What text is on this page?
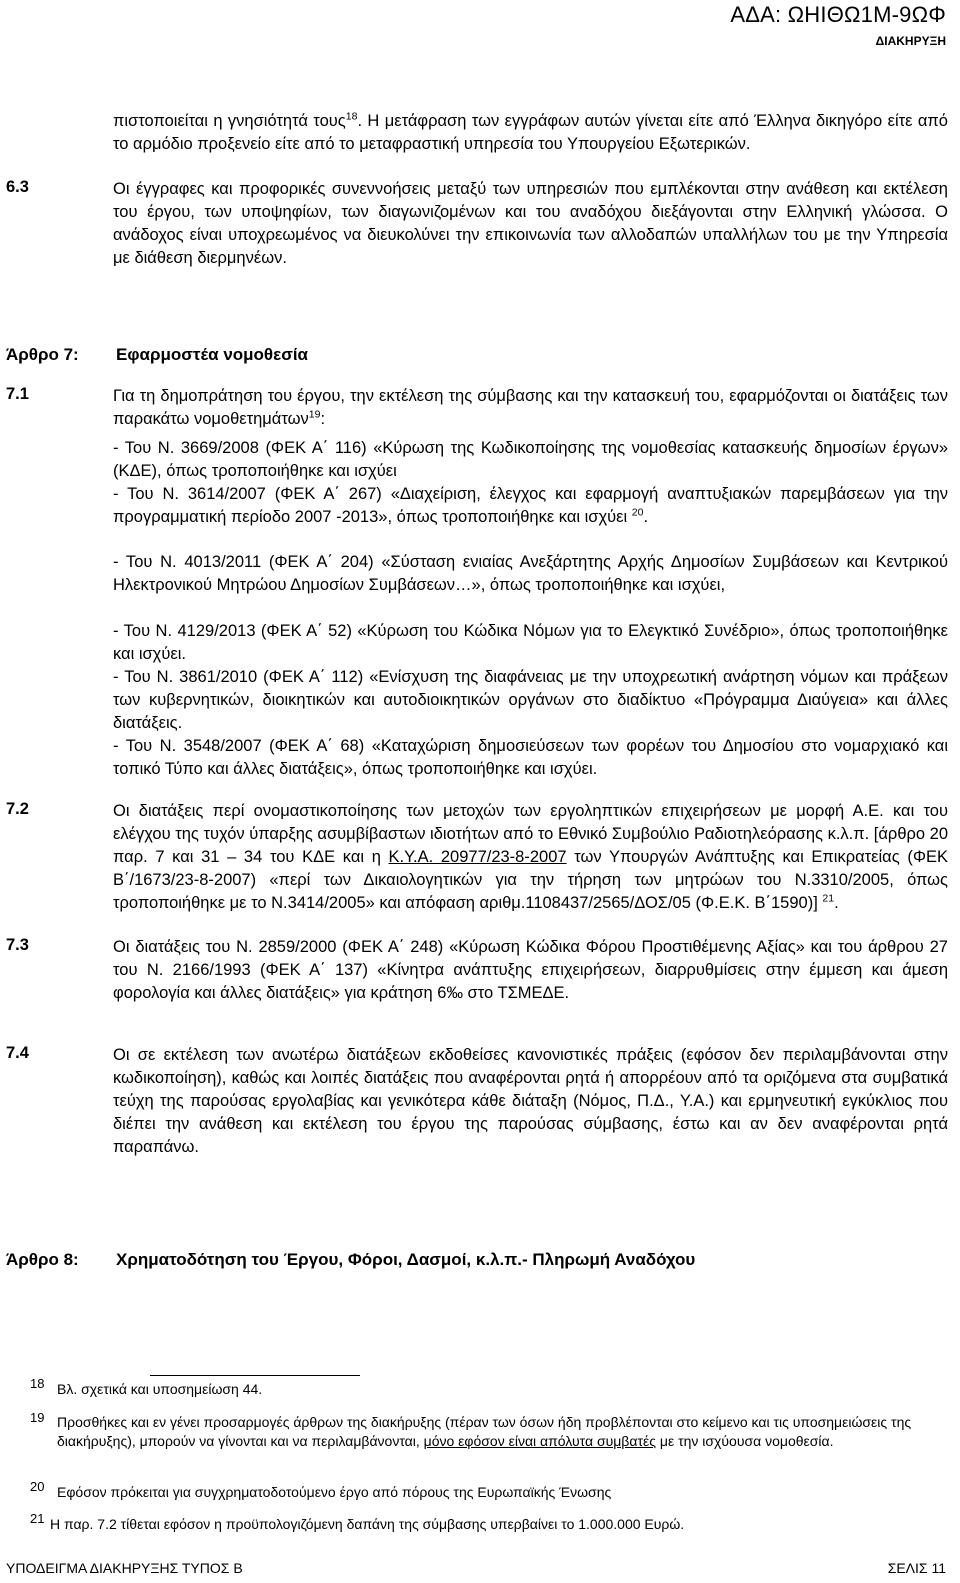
ΑΔΑ: ΩΗΙΘΩ1Μ-9ΩΦ
ΔΙΑΚΗΡΥΞΗ

πιστοποιείται η γνησιότητά τους$^{18}$. Η μετάφραση των εγγράφων αυτών γίνεται είτε από Έλληνα δικηγόρο είτε από το αρμόδιο προξενείο είτε από το μεταφραστική υπηρεσία του Υπουργείου Εξωτερικών.

6.3	Οι έγγραφες και προφορικές συνεννοήσεις μεταξύ των υπηρεσιών που εμπλέκονται στην ανάθεση και εκτέλεση του έργου, των υποψηφίων, των διαγωνιζομένων και του αναδόχου διεξάγονται στην Ελληνική γλώσσα. Ο ανάδοχος είναι υποχρεωμένος να διευκολύνει την επικοινωνία των αλλοδαπών υπαλλήλων του με την Υπηρεσία με διάθεση διερμηνέων.

Άρθρο 7: Εφαρμοστέα νομοθεσία
7.1	Για τη δημοπράτηση του έργου, την εκτέλεση της σύμβασης και την κατασκευή του, εφαρμόζονται οι διατάξεις των παρακάτω νομοθετημάτων$^{19}$:

- Του Ν. 3669/2008 (ΦΕΚ Α΄ 116) «Κύρωση της Κωδικοποίησης της νομοθεσίας κατασκευής δημοσίων έργων» (ΚΔΕ), όπως τροποποιήθηκε και ισχύει

- Του Ν. 3614/2007 (ΦΕΚ Α΄ 267) «Διαχείριση, έλεγχος και εφαρμογή αναπτυξιακών παρεμβάσεων για την προγραμματική περίοδο 2007 -2013», όπως τροποποιήθηκε και ισχύει $^{20}$.

- Του Ν. 4013/2011 (ΦΕΚ Α΄ 204) «Σύσταση ενιαίας Ανεξάρτητης Αρχής Δημοσίων Συμβάσεων και Κεντρικού Ηλεκτρονικού Μητρώου Δημοσίων Συμβάσεων…», όπως τροποποιήθηκε και ισχύει,

- Του Ν. 4129/2013 (ΦΕΚ Α΄ 52) «Κύρωση του Κώδικα Νόμων για το Ελεγκτικό Συνέδριο», όπως τροποποιήθηκε και ισχύει.

- Του Ν. 3861/2010 (ΦΕΚ Α΄ 112) «Ενίσχυση της διαφάνειας με την υποχρεωτική ανάρτηση νόμων και πράξεων των κυβερνητικών, διοικητικών και αυτοδιοικητικών οργάνων στο διαδίκτυο «Πρόγραμμα Διαύγεια» και άλλες διατάξεις.

- Του Ν. 3548/2007 (ΦΕΚ Α΄ 68) «Καταχώριση δημοσιεύσεων των φορέων του Δημοσίου στο νομαρχιακό και τοπικό Τύπο και άλλες διατάξεις», όπως τροποποιήθηκε και ισχύει.

7.2	Οι διατάξεις περί ονομαστικοποίησης των μετοχών των εργοληπτικών επιχειρήσεων με μορφή Α.Ε. και του ελέγχου της τυχόν ύπαρξης ασυμβίβαστων ιδιοτήτων από το Εθνικό Συμβούλιο Ραδιοτηλεόρασης κ.λ.π. [άρθρο 20 παρ. 7 και 31 – 34 του ΚΔΕ και η Κ.Υ.Α. 20977/23-8-2007 των Υπουργών Ανάπτυξης και Επικρατείας (ΦΕΚ Β΄/1673/23-8-2007) «περί των Δικαιολογητικών για την τήρηση των μητρώων του Ν.3310/2005, όπως τροποποιήθηκε με το Ν.3414/2005» και απόφαση αριθμ.1108437/2565/ΔΟΣ/05 (Φ.Ε.Κ. Β΄1590)] $^{21}$.

7.3	Οι διατάξεις του Ν. 2859/2000 (ΦΕΚ Α΄ 248) «Κύρωση Κώδικα Φόρου Προστιθέμενης Αξίας» και του άρθρου 27 του Ν. 2166/1993 (ΦΕΚ Α΄ 137) «Κίνητρα ανάπτυξης επιχειρήσεων, διαρρυθμίσεις στην έμμεση και άμεση φορολογία και άλλες διατάξεις» για κράτηση 6‰ στο ΤΣΜΕΔΕ.

7.4	Οι σε εκτέλεση των ανωτέρω διατάξεων εκδοθείσες κανονιστικές πράξεις (εφόσον δεν περιλαμβάνονται στην κωδικοποίηση), καθώς και λοιπές διατάξεις που αναφέρονται ρητά ή απορρέουν από τα οριζόμενα στα συμβατικά τεύχη της παρούσας εργολαβίας και γενικότερα κάθε διάταξη (Νόμος, Π.Δ., Υ.Α.) και ερμηνευτική εγκύκλιος που διέπει την ανάθεση και εκτέλεση του έργου της παρούσας σύμβασης, έστω και αν δεν αναφέρονται ρητά παραπάνω.

Άρθρο 8: Χρηματοδότηση του Έργου, Φόροι, Δασμοί, κ.λ.π.- Πληρωμή Αναδόχου
18 Βλ. σχετικά και υποσημείωση 44.
19 Προσθήκες και εν γένει προσαρμογές άρθρων της διακήρυξης (πέραν των όσων ήδη προβλέπονται στο κείμενο και τις υποσημειώσεις της διακήρυξης), μπορούν να γίνονται και να περιλαμβάνονται, μόνο εφόσον είναι απόλυτα συμβατές με την ισχύουσα νομοθεσία.
20 Εφόσον πρόκειται για συγχρηματοδοτούμενο έργο από πόρους της Ευρωπαϊκής Ένωσης
21 Η παρ. 7.2 τίθεται εφόσον η προϋπολογιζόμενη δαπάνη της σύμβασης υπερβαίνει το 1.000.000 Ευρώ.
ΥΠΟΔΕΙΓΜΑ ΔΙΑΚΗΡΥΞΗΣ ΤΥΠΟΣ Β	ΣΕΛΙΣ 11
